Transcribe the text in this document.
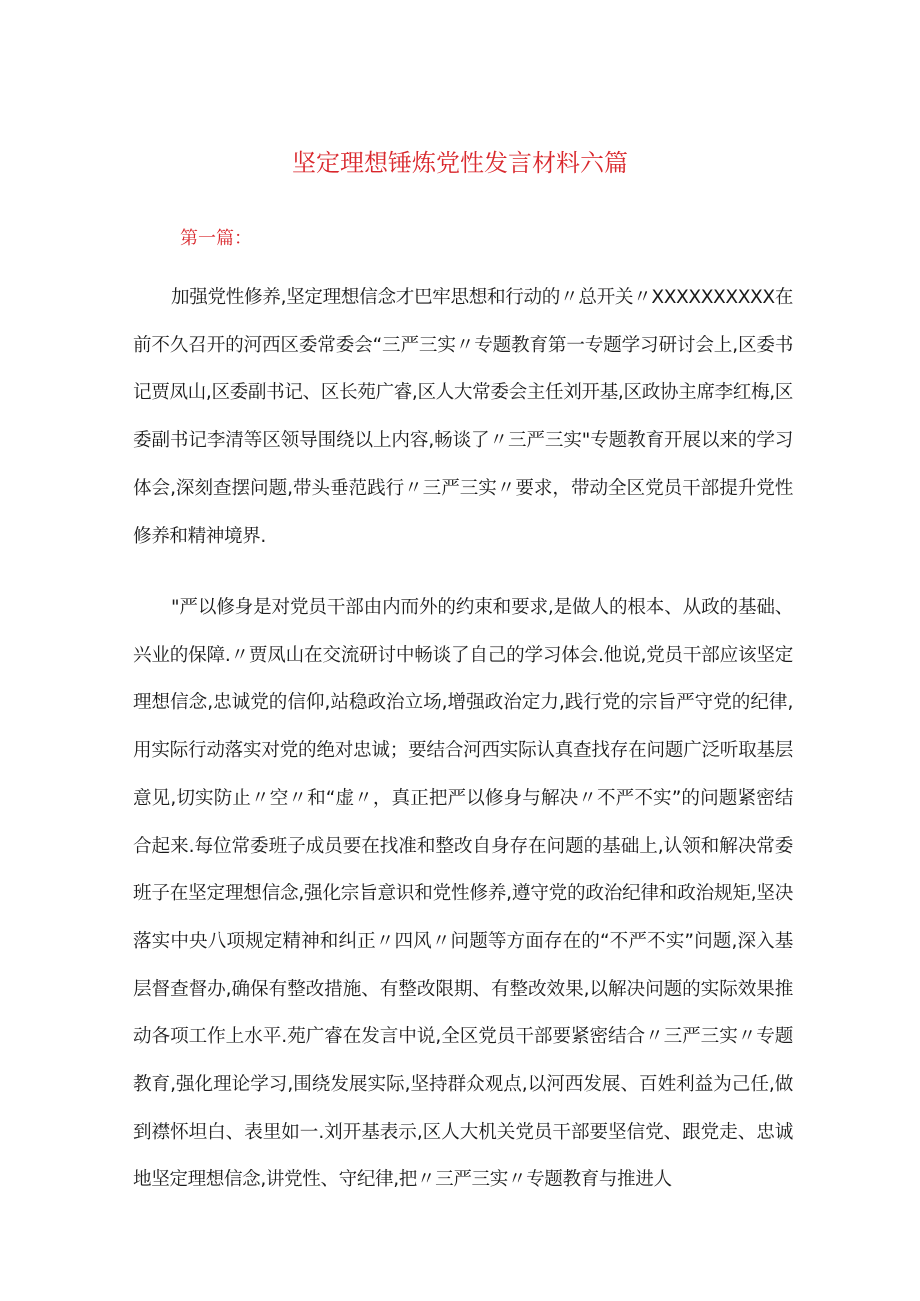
坚定理想锤炼党性发言材料六篇
第一篇：

加强党性修养,坚定理想信念才巴牢思想和行动的〃总开关〃XXXXXXXXXX在前不久召开的河西区委常委会“三严三实〃专题教育第一专题学习研讨会上,区委书记贾凤山,区委副书记、区长苑广睿,区人大常委会主任刘开基,区政协主席李红梅,区委副书记李清等区领导围绕以上内容,畅谈了〃三严三实"专题教育开展以来的学习体会,深刻查摆问题,带头垂范践行〃三严三实〃要求，带动全区党员干部提升党性修养和精神境界.

"严以修身是对党员干部由内而外的约束和要求,是做人的根本、从政的基础、兴业的保障.〃贾凤山在交流研讨中畅谈了自己的学习体会.他说,党员干部应该坚定理想信念,忠诚党的信仰,站稳政治立场,增强政治定力,践行党的宗旨严守党的纪律,用实际行动落实对党的绝对忠诚；要结合河西实际认真查找存在问题广泛听取基层意见,切实防止〃空〃和“虚〃，真正把严以修身与解决〃不严不实”的问题紧密结合起来.每位常委班子成员要在找准和整改自身存在问题的基础上,认领和解决常委班子在坚定理想信念,强化宗旨意识和党性修养,遵守党的政治纪律和政治规矩,坚决落实中央八项规定精神和纠正〃四风〃问题等方面存在的“不严不实”问题,深入基层督查督办,确保有整改措施、有整改限期、有整改效果,以解决问题的实际效果推动各项工作上水平.苑广睿在发言中说,全区党员干部要紧密结合〃三严三实〃专题教育,强化理论学习,围绕发展实际,坚持群众观点,以河西发展、百姓利益为己任,做到襟怀坦白、表里如一.刘开基表示,区人大机关党员干部要坚信党、跟党走、忠诚地坚定理想信念,讲党性、守纪律,把〃三严三实〃专题教育与推进人
